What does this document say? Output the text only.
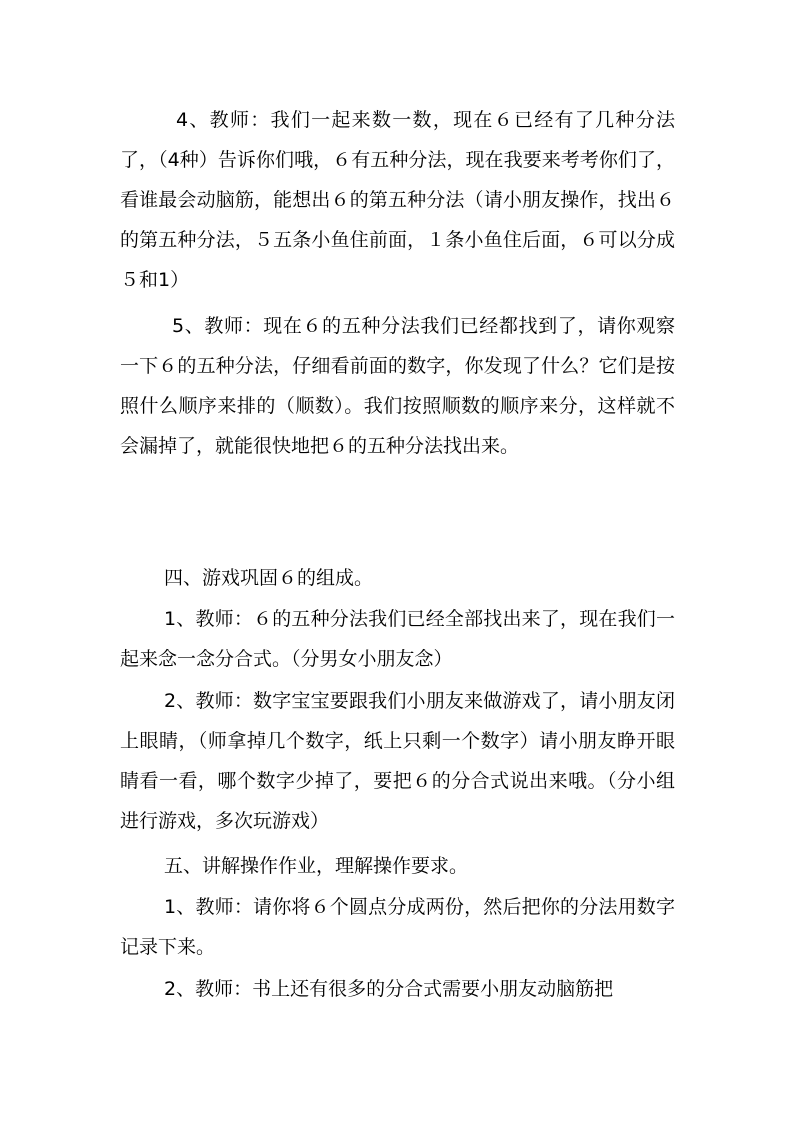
4、教师：我们一起来数一数，现在６已经有了几种分法了，（4种）告诉你们哦，６有五种分法，现在我要来考考你们了，看谁最会动脑筋，能想出６的第五种分法（请小朋友操作，找出６的第五种分法，５五条小鱼住前面，１条小鱼住后面，６可以分成５和1）

5、教师：现在６的五种分法我们已经都找到了，请你观察一下６的五种分法，仔细看前面的数字，你发现了什么？它们是按照什么顺序来排的（顺数）。我们按照顺数的顺序来分，这样就不会漏掉了，就能很快地把６的五种分法找出来。

四、游戏巩固６的组成。

1、教师：６的五种分法我们已经全部找出来了，现在我们一起来念一念分合式。（分男女小朋友念）

2、教师：数字宝宝要跟我们小朋友来做游戏了，请小朋友闭上眼睛，（师拿掉几个数字，纸上只剩一个数字）请小朋友睁开眼睛看一看，哪个数字少掉了，要把６的分合式说出来哦。（分小组进行游戏，多次玩游戏）

五、讲解操作作业，理解操作要求。

1、教师：请你将６个圆点分成两份，然后把你的分法用数字记录下来。

2、教师：书上还有很多的分合式需要小朋友动脑筋把
